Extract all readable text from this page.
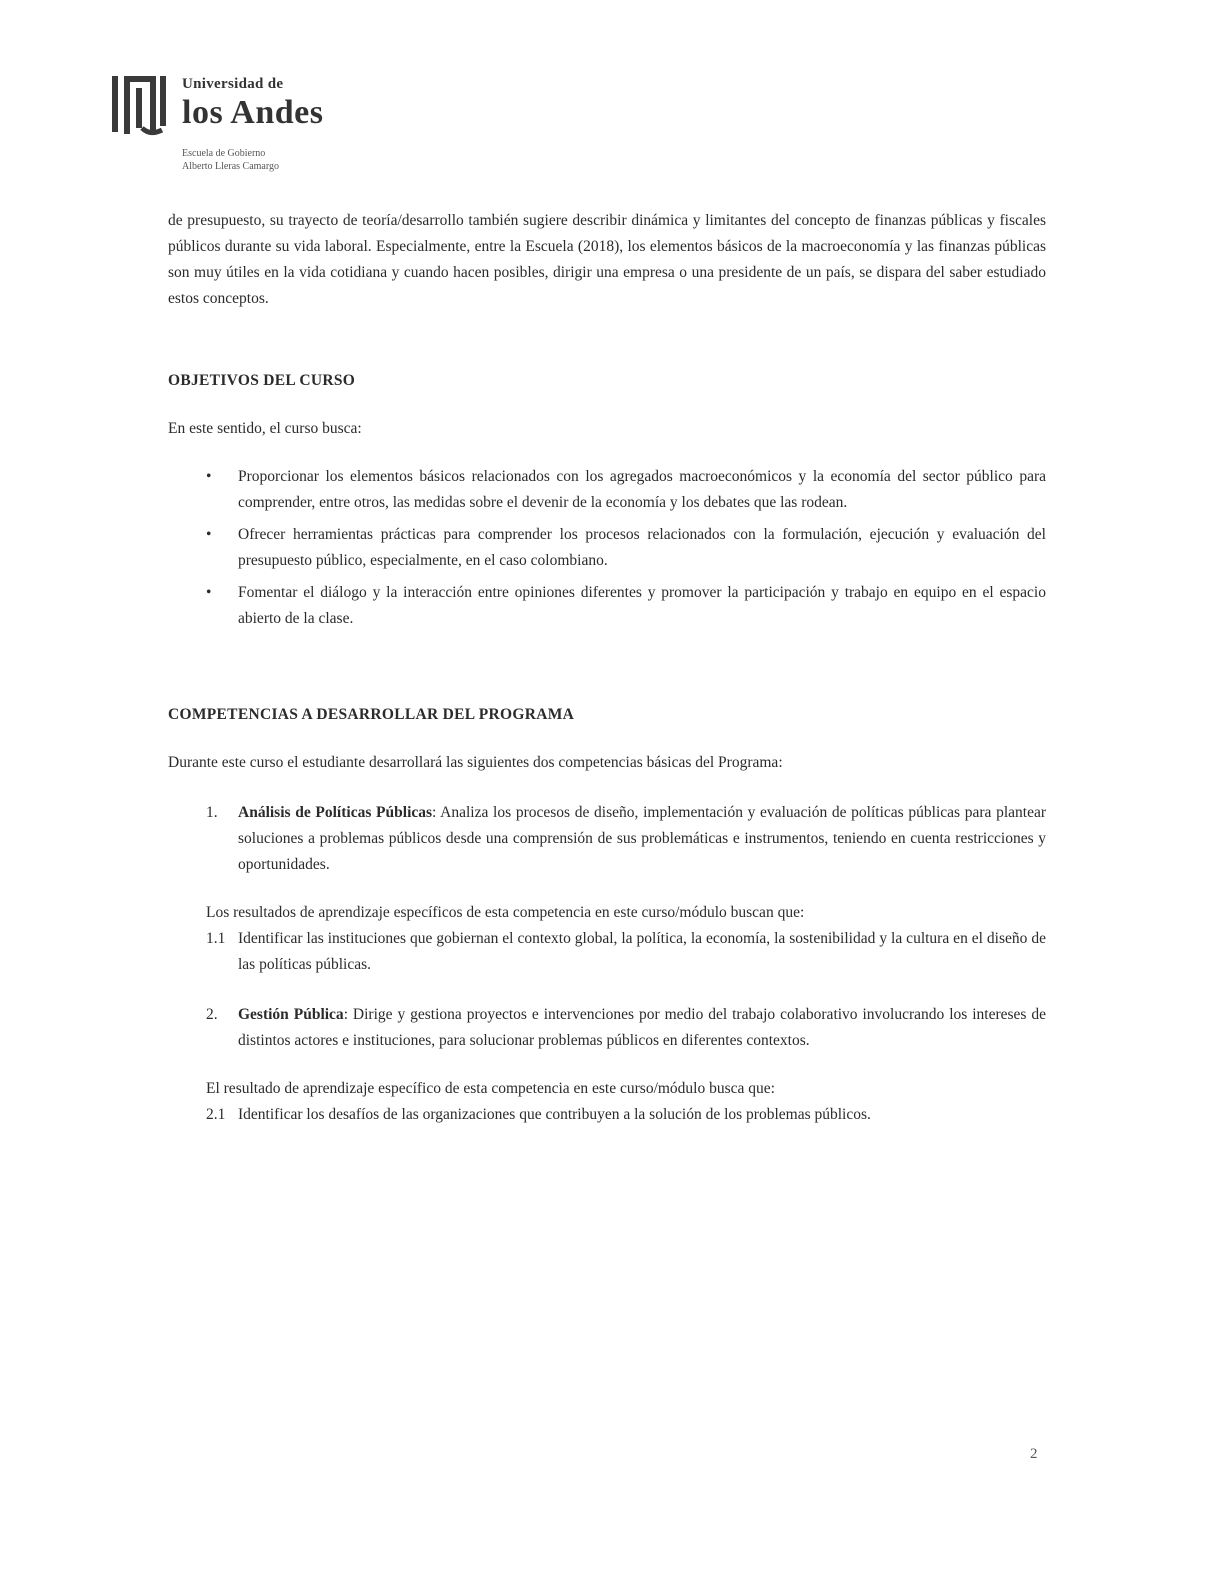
Universidad de
los Andes
Escuela de Gobierno
Alberto Lleras Camargo

de presupuesto, su trayecto de teoría/desarrollo también sugiere describir dinámica y limitantes del concepto de finanzas públicas y fiscales públicos durante su vida laboral. Especialmente, entre la Escuela (2018), los elementos básicos de la macroeconomía y las finanzas públicas son muy útiles en la vida cotidiana y cuando hacen posibles, dirigir una empresa o una presidente de un país, se dispara del saber estudiado estos conceptos.

OBJETIVOS DEL CURSO

En este sentido, el curso busca:

• Proporcionar los elementos básicos relacionados con los agregados macroeconómicos y la economía del sector público para comprender, entre otros, las medidas sobre el devenir de la economía y los debates que las rodean.
• Ofrecer herramientas prácticas para comprender los procesos relacionados con la formulación, ejecución y evaluación del presupuesto público, especialmente, en el caso colombiano.
• Fomentar el diálogo y la interacción entre opiniones diferentes y promover la participación y trabajo en equipo en el espacio abierto de la clase.

COMPETENCIAS A DESARROLLAR DEL PROGRAMA

Durante este curso el estudiante desarrollará las siguientes dos competencias básicas del Programa:

1. Análisis de Políticas Públicas: Analiza los procesos de diseño, implementación y evaluación de políticas públicas para plantear soluciones a problemas públicos desde una comprensión de sus problemáticas e instrumentos, teniendo en cuenta restricciones y oportunidades.

Los resultados de aprendizaje específicos de esta competencia en este curso/módulo buscan que:

1.1 Identificar las instituciones que gobiernan el contexto global, la política, la economía, la sostenibilidad y la cultura en el diseño de las políticas públicas.

2. Gestión Pública: Dirige y gestiona proyectos e intervenciones por medio del trabajo colaborativo involucrando los intereses de distintos actores e instituciones, para solucionar problemas públicos en diferentes contextos.

El resultado de aprendizaje específico de esta competencia en este curso/módulo busca que:

2.1 Identificar los desafíos de las organizaciones que contribuyen a la solución de los problemas públicos.

2
